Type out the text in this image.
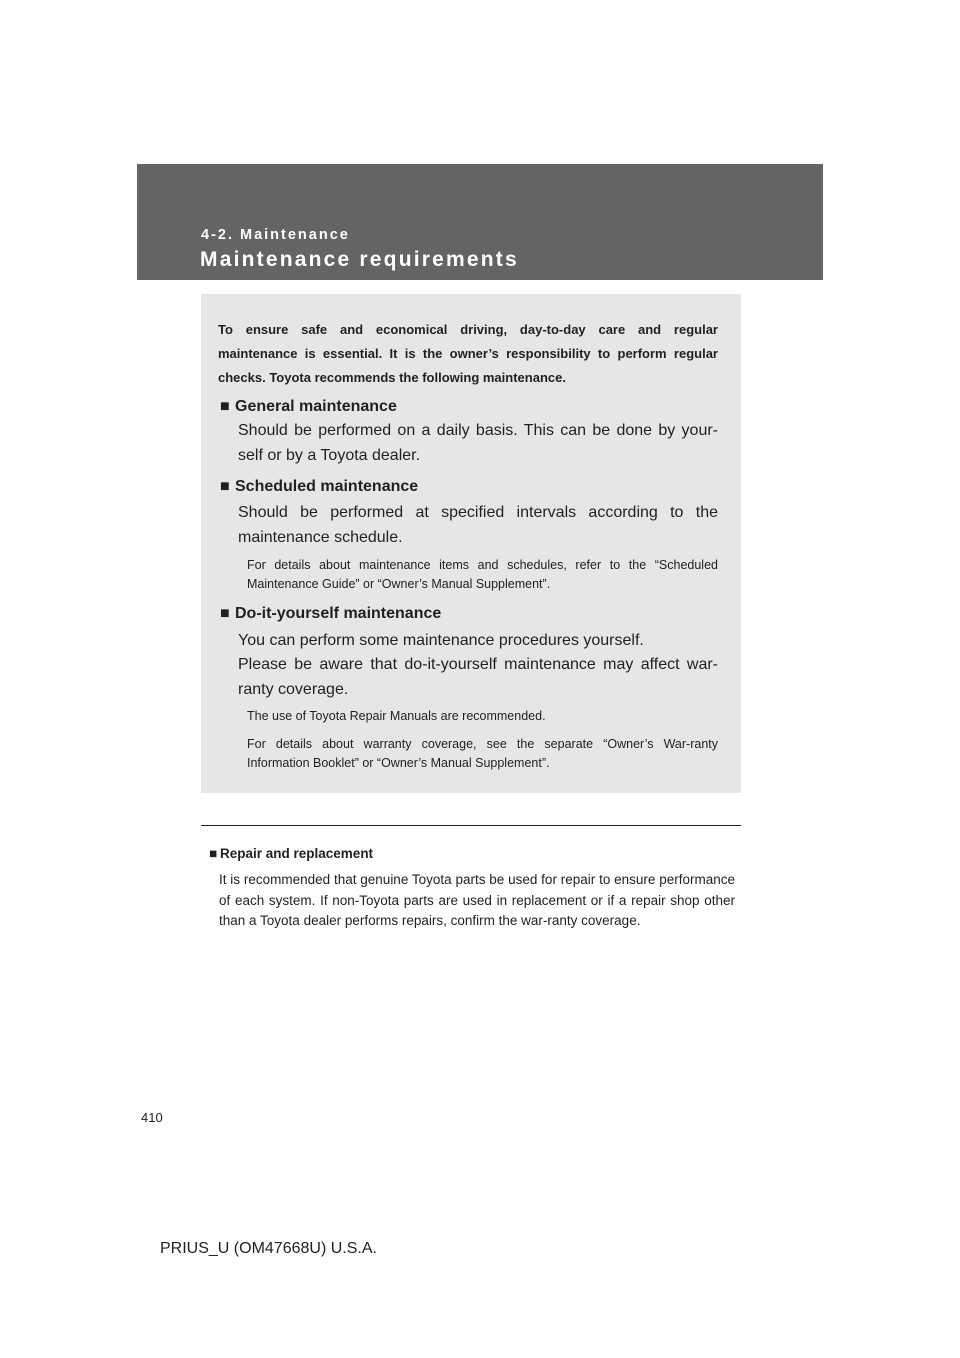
4-2. Maintenance
Maintenance requirements
To ensure safe and economical driving, day-to-day care and regular maintenance is essential. It is the owner’s responsibility to perform regular checks. Toyota recommends the following maintenance.
■ General maintenance
Should be performed on a daily basis. This can be done by your-self or by a Toyota dealer.
■ Scheduled maintenance
Should be performed at specified intervals according to the maintenance schedule.
For details about maintenance items and schedules, refer to the “Scheduled Maintenance Guide” or “Owner’s Manual Supplement”.
■ Do-it-yourself maintenance
You can perform some maintenance procedures yourself.
Please be aware that do-it-yourself maintenance may affect war-ranty coverage.
The use of Toyota Repair Manuals are recommended.
For details about warranty coverage, see the separate “Owner’s War-ranty Information Booklet” or “Owner’s Manual Supplement”.
■ Repair and replacement
It is recommended that genuine Toyota parts be used for repair to ensure performance of each system. If non-Toyota parts are used in replacement or if a repair shop other than a Toyota dealer performs repairs, confirm the war-ranty coverage.
410
PRIUS_U (OM47668U) U.S.A.
